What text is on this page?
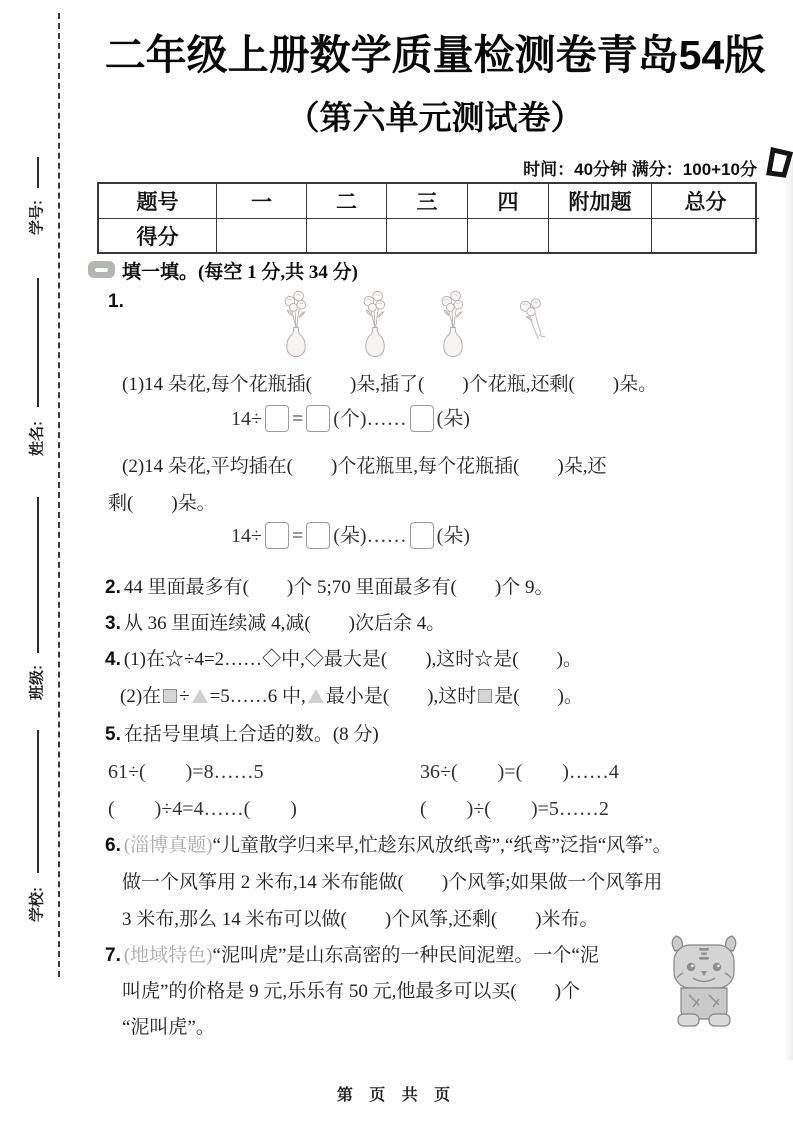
学号:
姓名:
班级:
学校:
二年级上册数学质量检测卷青岛54版
（第六单元测试卷）
时间：40分钟 满分：100+10分
题号	一	二	三	四	附加题	总分
得分
填一填。(每空 1 分,共 34 分)
1.
(1)14 朵花,每个花瓶插(　　)朵,插了(　　)个花瓶,还剩(　　)朵。
14÷ = (个)…… (朵)
(2)14 朵花,平均插在(　　)个花瓶里,每个花瓶插(　　)朵,还
剩(　　)朵。
14÷ = (朵)…… (朵)
2. 44 里面最多有(　　)个 5;70 里面最多有(　　)个 9。
3. 从 36 里面连续减 4,减(　　)次后余 4。
4. (1)在☆÷4=2……◇中,◇最大是(　　),这时☆是(　　)。
(2)在 ÷ =5……6 中, 最小是(　　),这时 是(　　)。
5. 在括号里填上合适的数。(8 分)
61÷(　　)=8……5	36÷(　　)=(　　)……4
(　　)÷4=4……(　　)	(　　)÷(　　)=5……2
6. (淄博真题)“儿童散学归来早,忙趁东风放纸鸢”,“纸鸢”泛指“风筝”。
做一个风筝用 2 米布,14 米布能做(　　)个风筝;如果做一个风筝用
3 米布,那么 14 米布可以做(　　)个风筝,还剩(　　)米布。
7. (地域特色)“泥叫虎”是山东高密的一种民间泥塑。一个“泥
叫虎”的价格是 9 元,乐乐有 50 元,他最多可以买(　　)个
“泥叫虎”。
第 页 共 页
